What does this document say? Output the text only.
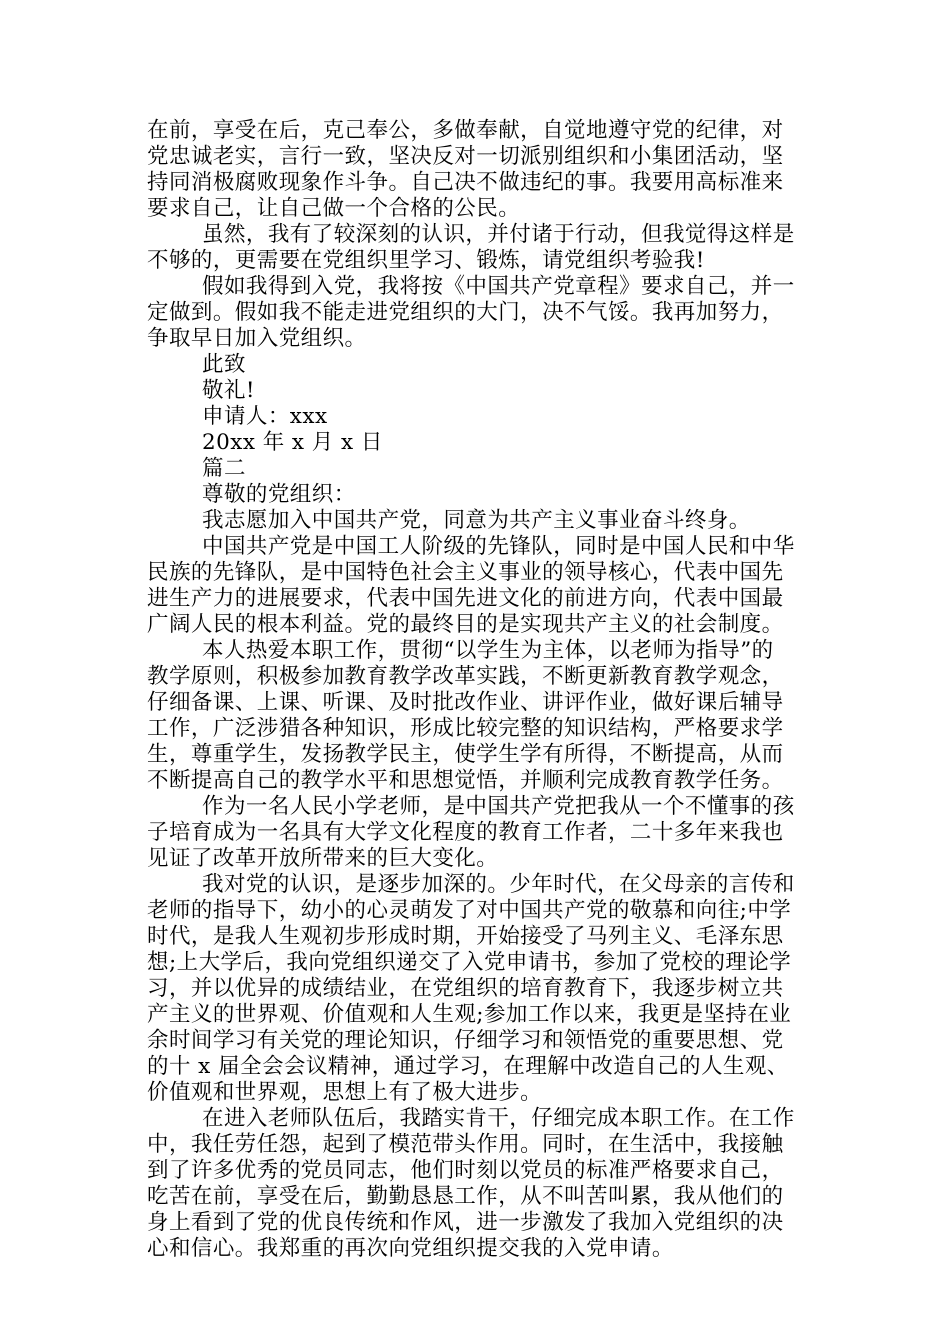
在前，享受在后，克己奉公，多做奉献，自觉地遵守党的纪律，对
党忠诚老实，言行一致，坚决反对一切派别组织和小集团活动，坚
持同消极腐败现象作斗争。自己决不做违纪的事。我要用高标准来
要求自己，让自己做一个合格的公民。
虽然，我有了较深刻的认识，并付诸于行动，但我觉得这样是
不够的，更需要在党组织里学习、锻炼，请党组织考验我!
假如我得到入党，我将按《中国共产党章程》要求自己，并一
定做到。假如我不能走进党组织的大门，决不气馁。我再加努力，
争取早日加入党组织。
此致
敬礼!
申请人：xxx
20xx 年 x 月 x 日
篇二
尊敬的党组织：
我志愿加入中国共产党，同意为共产主义事业奋斗终身。
中国共产党是中国工人阶级的先锋队，同时是中国人民和中华
民族的先锋队，是中国特色社会主义事业的领导核心，代表中国先
进生产力的进展要求，代表中国先进文化的前进方向，代表中国最
广阔人民的根本利益。党的最终目的是实现共产主义的社会制度。
本人热爱本职工作，贯彻“以学生为主体，以老师为指导”的
教学原则，积极参加教育教学改革实践，不断更新教育教学观念，
仔细备课、上课、听课、及时批改作业、讲评作业，做好课后辅导
工作，广泛涉猎各种知识，形成比较完整的知识结构，严格要求学
生，尊重学生，发扬教学民主，使学生学有所得，不断提高，从而
不断提高自己的教学水平和思想觉悟，并顺利完成教育教学任务。
作为一名人民小学老师，是中国共产党把我从一个不懂事的孩
子培育成为一名具有大学文化程度的教育工作者，二十多年来我也
见证了改革开放所带来的巨大变化。
我对党的认识，是逐步加深的。少年时代，在父母亲的言传和
老师的指导下，幼小的心灵萌发了对中国共产党的敬慕和向往;中学
时代，是我人生观初步形成时期，开始接受了马列主义、毛泽东思
想;上大学后，我向党组织递交了入党申请书，参加了党校的理论学
习，并以优异的成绩结业，在党组织的培育教育下，我逐步树立共
产主义的世界观、价值观和人生观;参加工作以来，我更是坚持在业
余时间学习有关党的理论知识，仔细学习和领悟党的重要思想、党
的十 x 届全会会议精神，通过学习，在理解中改造自己的人生观、
价值观和世界观，思想上有了极大进步。
在进入老师队伍后，我踏实肯干，仔细完成本职工作。在工作
中，我任劳任怨，起到了模范带头作用。同时，在生活中，我接触
到了许多优秀的党员同志，他们时刻以党员的标准严格要求自己，
吃苦在前，享受在后，勤勤恳恳工作，从不叫苦叫累，我从他们的
身上看到了党的优良传统和作风，进一步激发了我加入党组织的决
心和信心。我郑重的再次向党组织提交我的入党申请。
